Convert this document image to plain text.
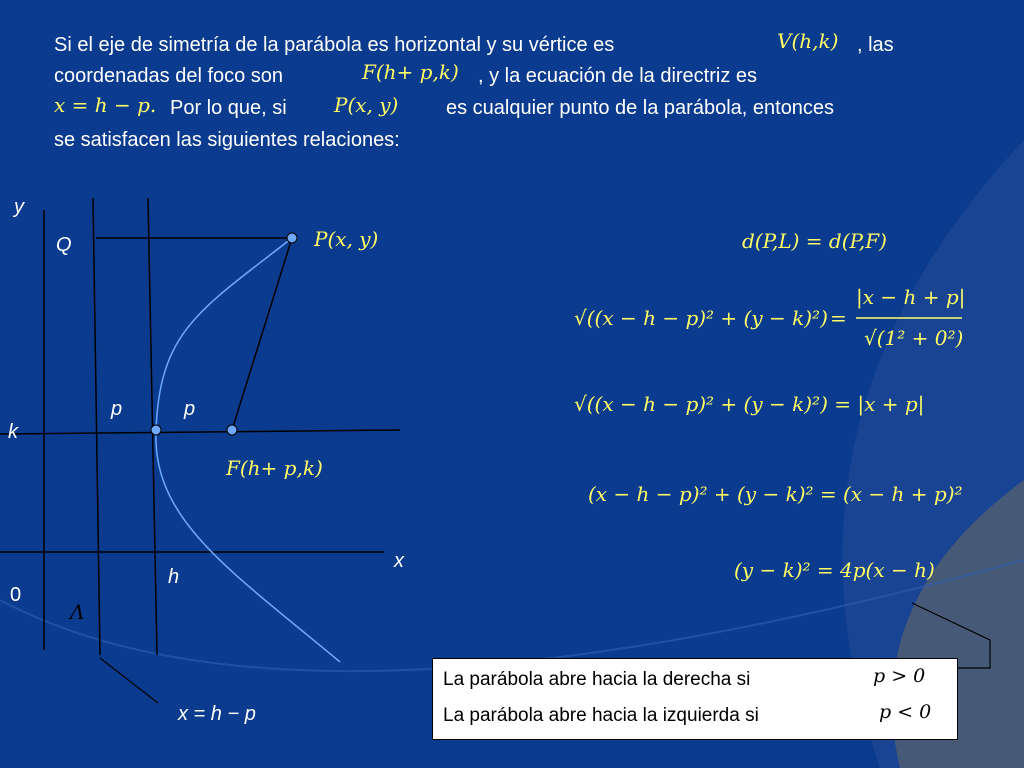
Si el eje de simetría de la parábola es horizontal y su vértice es	V(h,k) , las
coordenadas del foco son	F(h+ p,k) , y la ecuación de la directriz es
x = h − p. Por lo que, si P(x, y) es cualquier punto de la parábola, entonces
se satisfacen las siguientes relaciones:
y
x
0
Q
k
p	p
h
P(x, y)
F(h+ p,k)
Λ
x = h − p
d(P,L) = d(P,F)
√((x − h − p)² + (y − k)²) =
|x − h + p|
√(1² + 0²)
√((x − h − p)² + (y − k)²) = |x + p|
(x − h − p)² + (y − k)² = (x − h + p)²
(y − k)² = 4p(x − h)
La parábola abre hacia la derecha si	p > 0
La parábola abre hacia la izquierda si	p < 0
